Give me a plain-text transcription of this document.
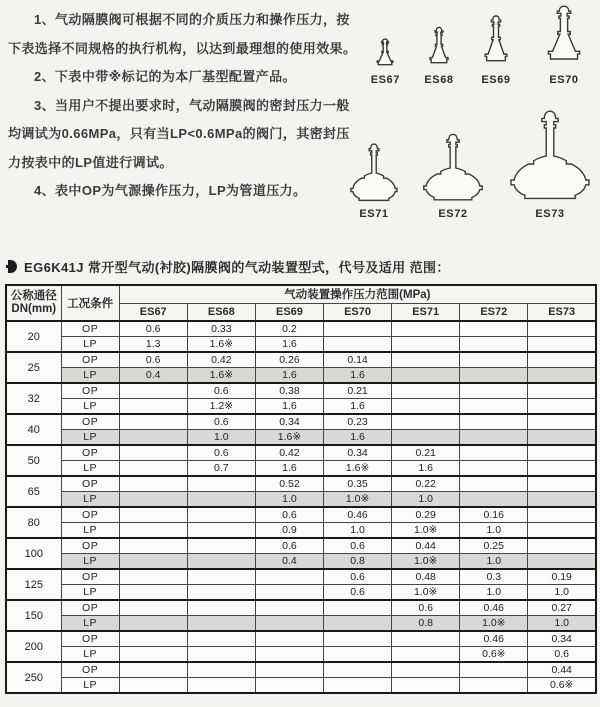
1、气动隔膜阀可根据不同的介质压力和操作压力，按下表选择不同规格的执行机构，以达到最理想的使用效果。

2、下表中带※标记的为本厂基型配置产品。

3、当用户不提出要求时，气动隔膜阀的密封压力一般均调试为0.66MPa，只有当LP<0.6MPa的阀门，其密封压力按表中的LP值进行调试。

4、表中OP为气源操作压力，LP为管道压力。

ES67 ES68	ES69	ES70
ES71	ES72	ES73
EG6K41J 常开型气动(衬胶)隔膜阀的气动装置型式，代号及适用 范围：
公称通径
DN(mm)	工况条件	气动装置操作压力范围(MPa)						
		ES67	ES68	ES69	ES70	ES71	ES72	ES73
20	OP	0.6	0.33	0.2				
	LP	1.3	1.6※	1.6				
25	OP	0.6	0.42	0.26	0.14			
	LP	0.4	1.6※	1.6	1.6			
32	OP		0.6	0.38	0.21			
	LP		1.2※	1.6	1.6			
40	OP		0.6	0.34	0.23			
	LP		1.0	1.6※	1.6			
50	OP		0.6	0.42	0.34	0.21		
	LP		0.7	1.6	1.6※	1.6		
65	OP			0.52	0.35	0.22		
	LP			1.0	1.0※	1.0		
80	OP			0.6	0.46	0.29	0.16	
	LP			0.9	1.0	1.0※	1.0	
100	OP			0.6	0.6	0.44	0.25	
	LP			0.4	0.8	1.0※	1.0	
125	OP				0.6	0.48	0.3	0.19
	LP				0.6	1.0※	1.0	1.0
150	OP					0.6	0.46	0.27
	LP					0.8	1.0※	1.0
200	OP						0.46	0.34
	LP						0.6※	0.6
250	OP							0.44
	LP							0.6※
